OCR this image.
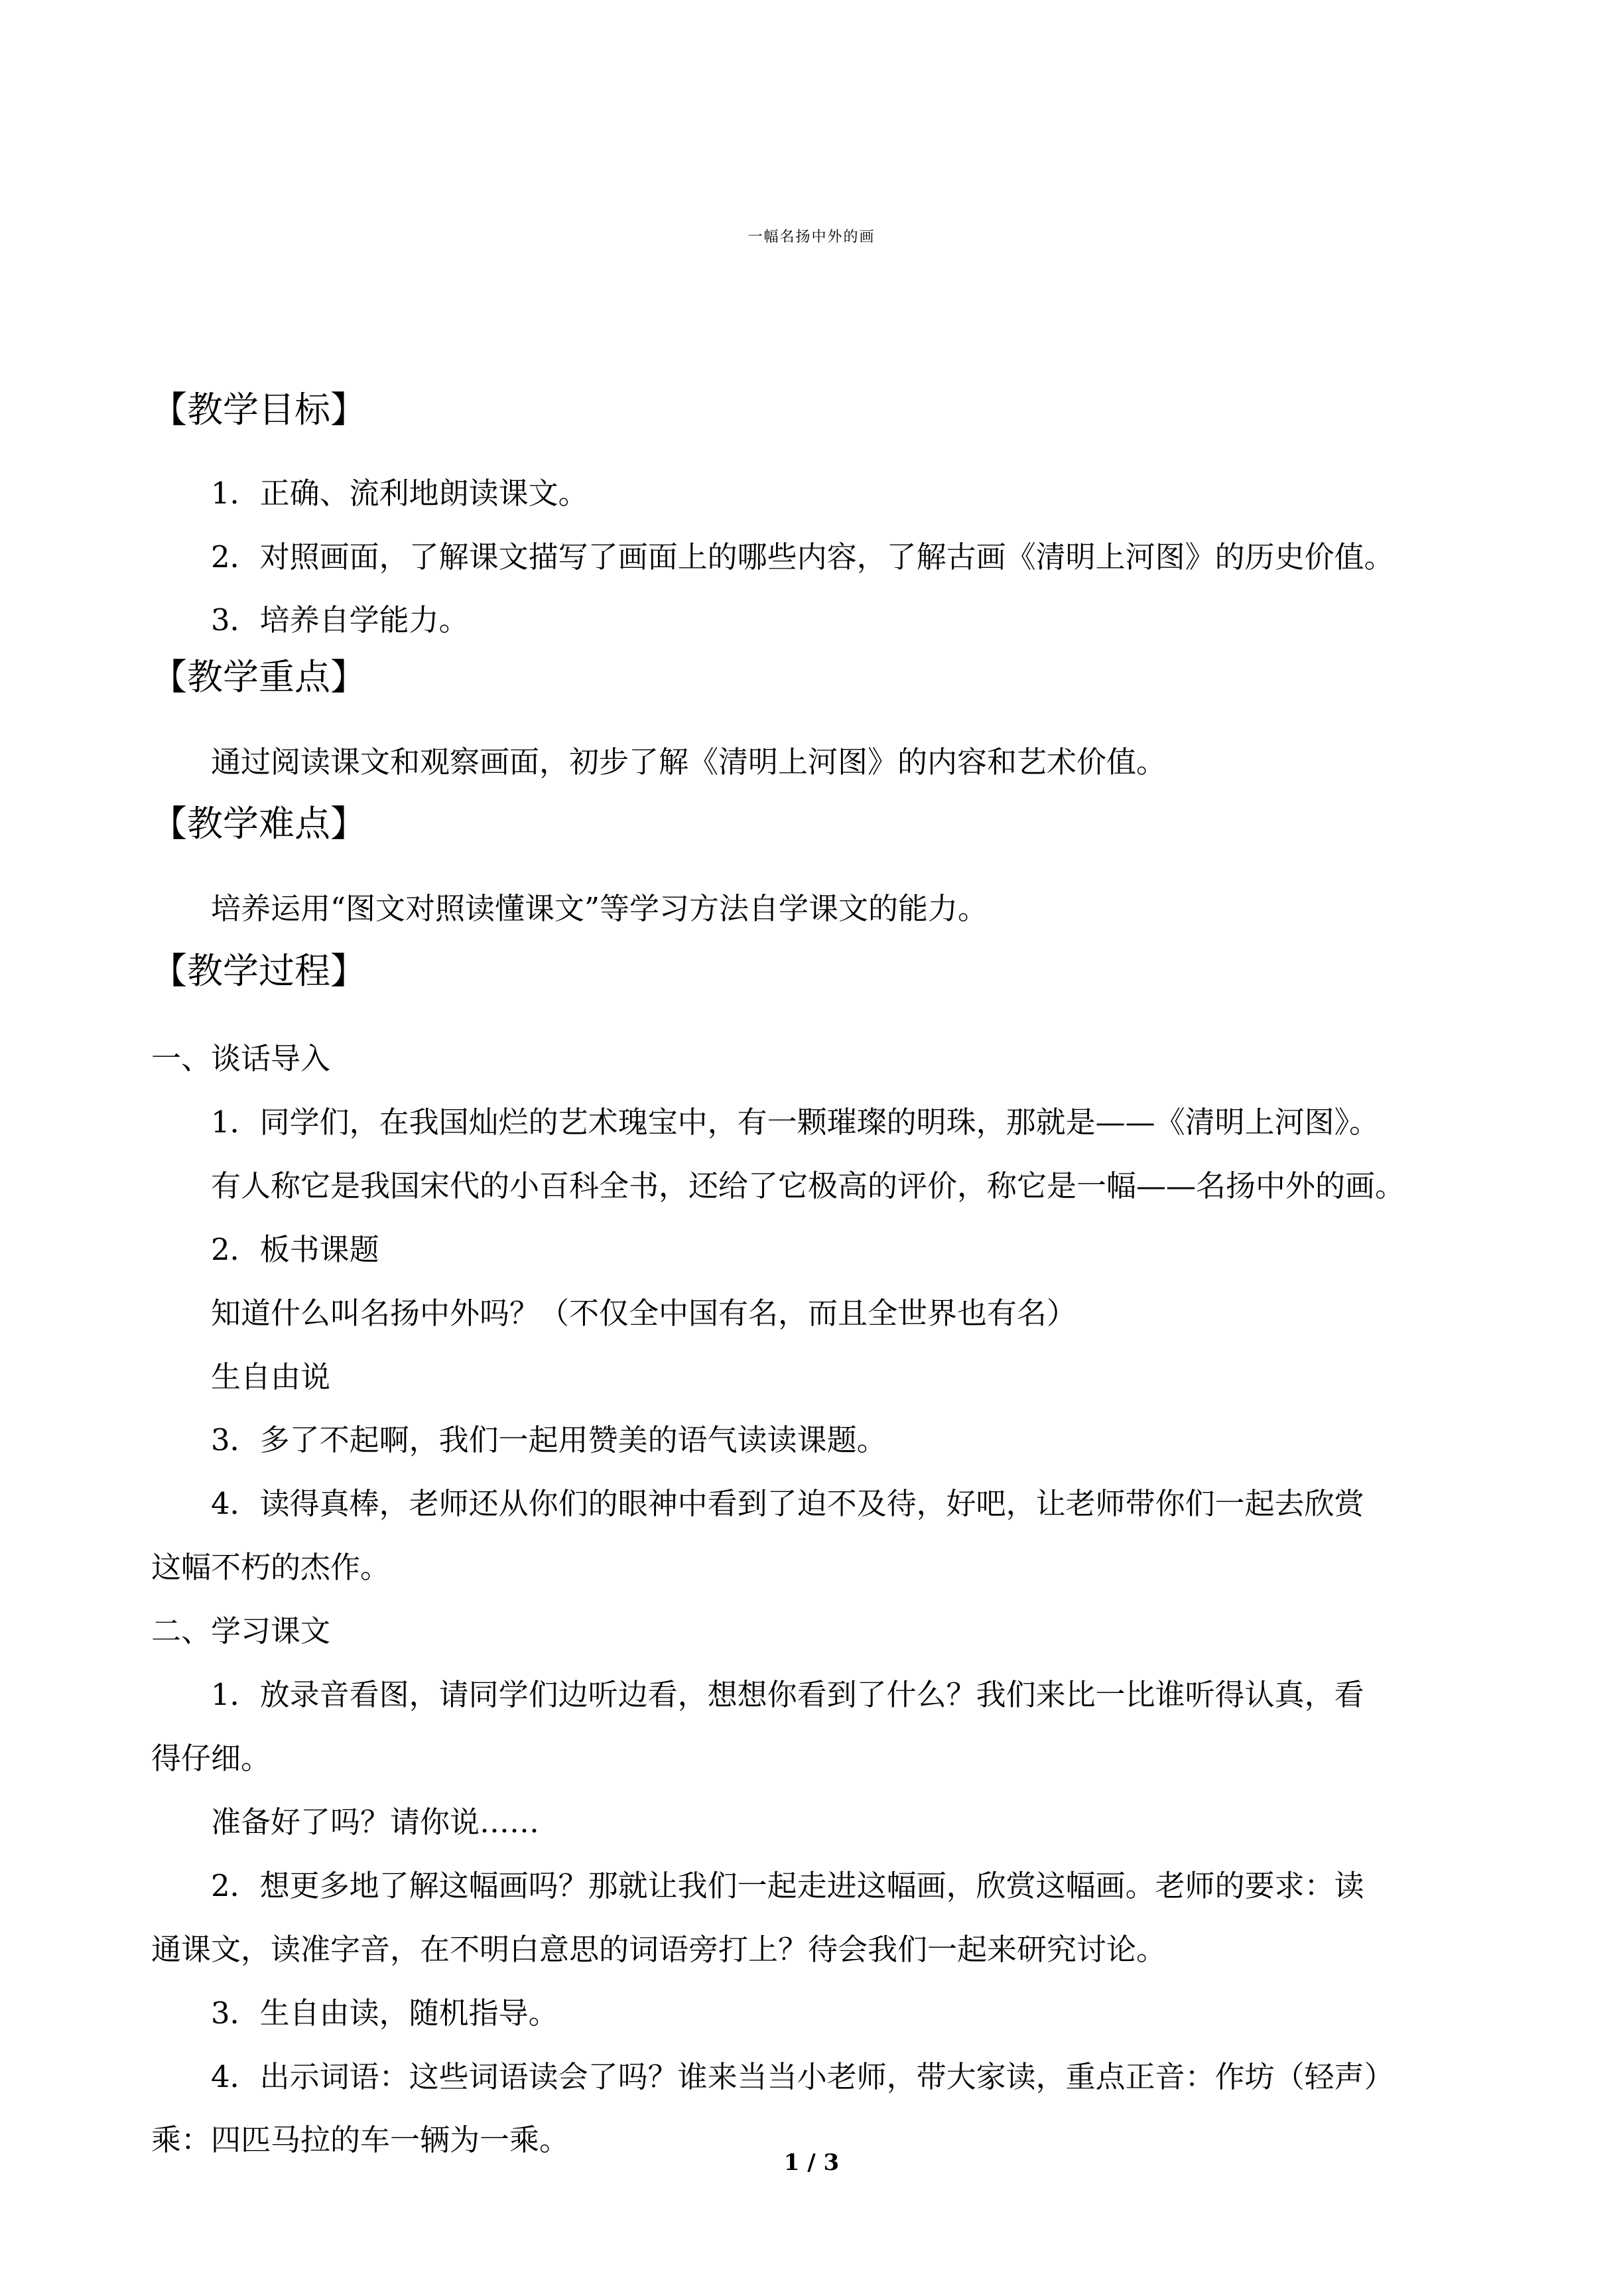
一幅名扬中外的画
【教学目标】
1．正确、流利地朗读课文。
2．对照画面，了解课文描写了画面上的哪些内容，了解古画《清明上河图》的历史价值。
3．培养自学能力。
【教学重点】
通过阅读课文和观察画面，初步了解《清明上河图》的内容和艺术价值。
【教学难点】
培养运用“图文对照读懂课文”等学习方法自学课文的能力。
【教学过程】
一、谈话导入
1．同学们，在我国灿烂的艺术瑰宝中，有一颗璀璨的明珠，那就是——《清明上河图》。
有人称它是我国宋代的小百科全书，还给了它极高的评价，称它是一幅——名扬中外的画。
2．板书课题
知道什么叫名扬中外吗？（不仅全中国有名，而且全世界也有名）
生自由说
3．多了不起啊，我们一起用赞美的语气读读课题。
4．读得真棒，老师还从你们的眼神中看到了迫不及待，好吧，让老师带你们一起去欣赏
这幅不朽的杰作。
二、学习课文
1．放录音看图，请同学们边听边看，想想你看到了什么？我们来比一比谁听得认真，看
得仔细。
准备好了吗？请你说……
2．想更多地了解这幅画吗？那就让我们一起走进这幅画，欣赏这幅画。老师的要求：读
通课文，读准字音，在不明白意思的词语旁打上？待会我们一起来研究讨论。
3．生自由读，随机指导。
4．出示词语：这些词语读会了吗？谁来当当小老师，带大家读，重点正音：作坊（轻声）
乘：四匹马拉的车一辆为一乘。
1 / 3
